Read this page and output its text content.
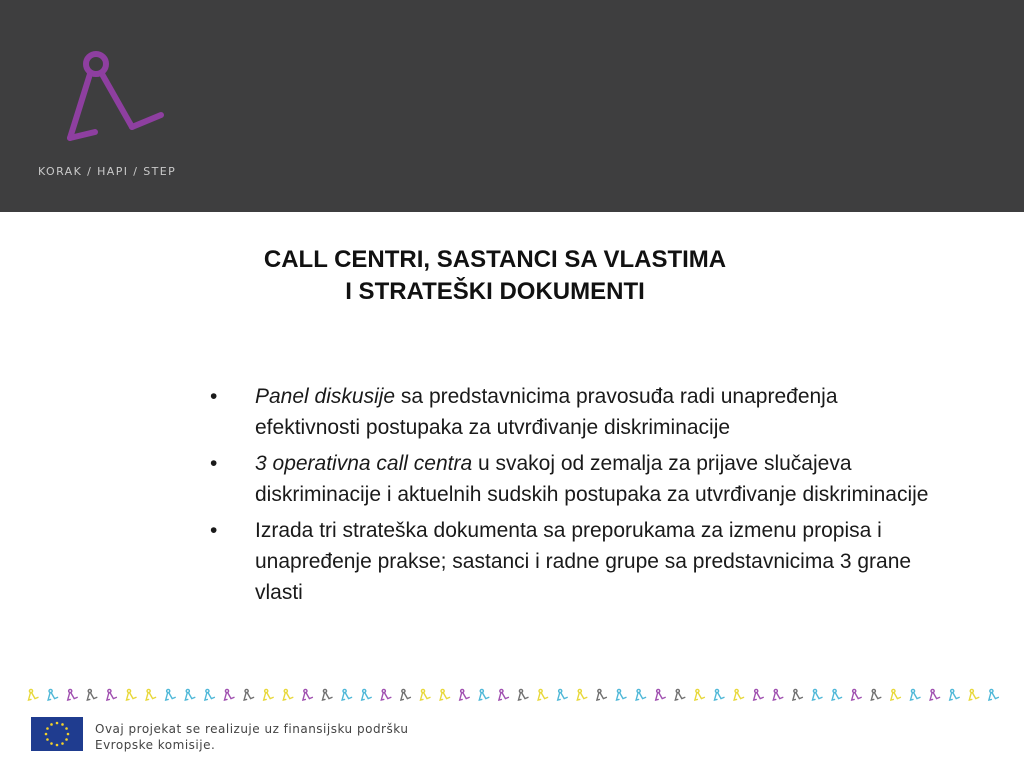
KORAK / HAPI / STEP
CALL CENTRI, SASTANCI SA VLASTIMA
I STRATEŠKI DOKUMENTI
• Panel diskusije sa predstavnicima pravosuđa radi unapređenja efektivnosti postupaka za utvrđivanje diskriminacije
• 3 operativna call centra u svakoj od zemalja za prijave slučajeva diskriminacije i aktuelnih sudskih postupaka za utvrđivanje diskriminacije
• Izrada tri strateška dokumenta sa preporukama za izmenu propisa i unapređenje prakse; sastanci i radne grupe sa predstavnicima 3 grane vlasti
Ovaj projekat se realizuje uz finansijsku podršku
Evropske komisije.
